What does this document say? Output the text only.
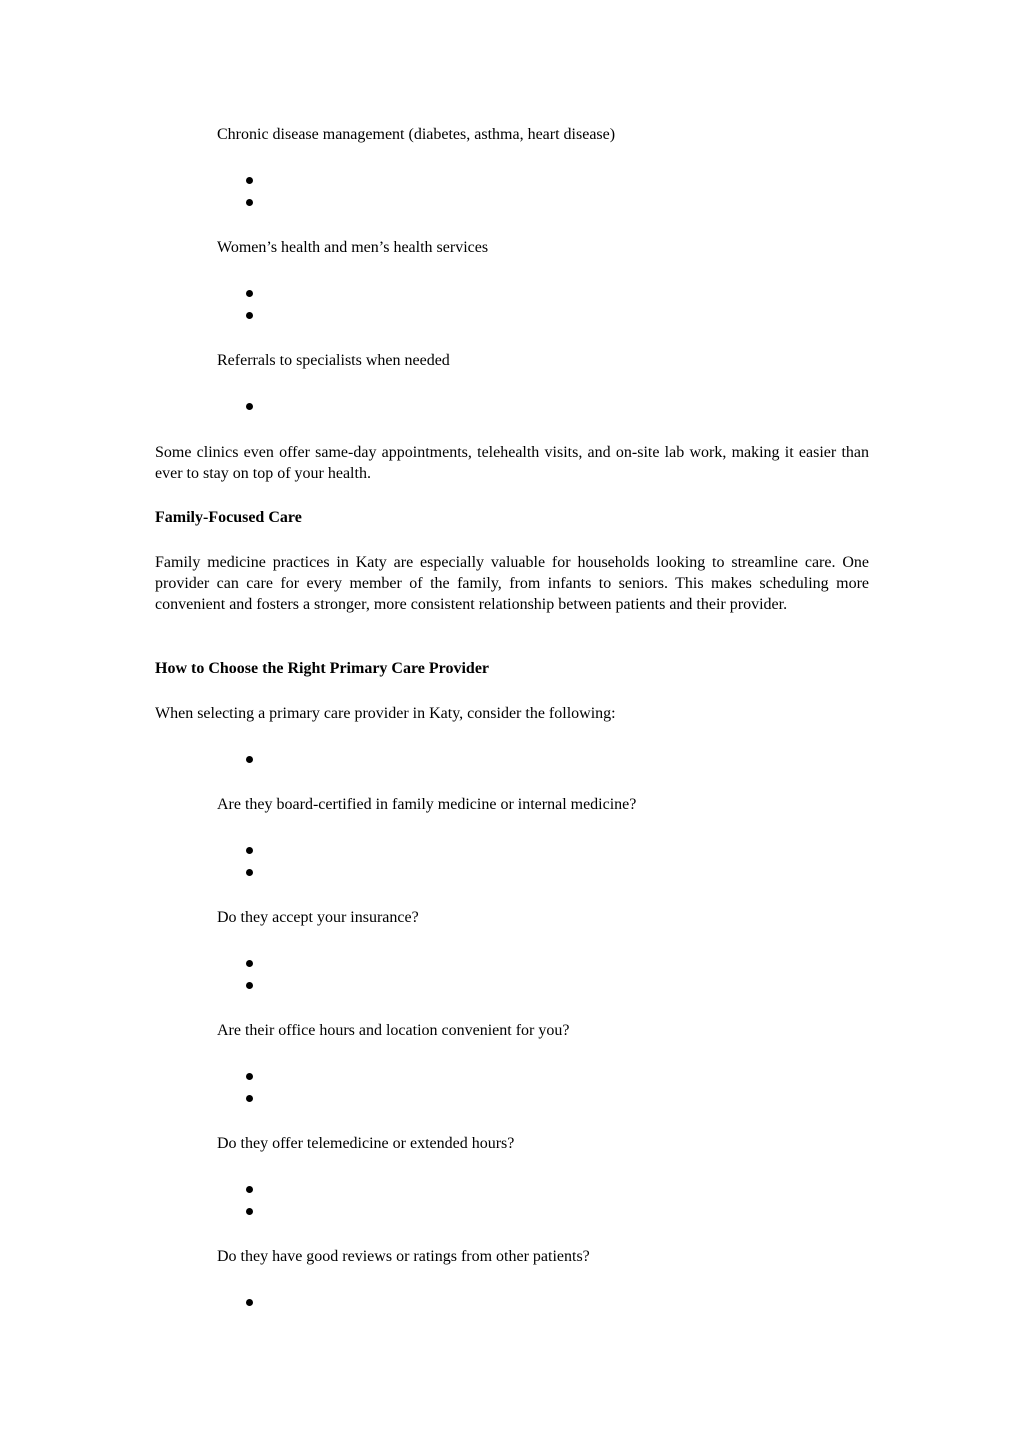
Chronic disease management (diabetes, asthma, heart disease)
Women’s health and men’s health services
Referrals to specialists when needed
Some clinics even offer same-day appointments, telehealth visits, and on-site lab work, making it easier than ever to stay on top of your health.
Family-Focused Care
Family medicine practices in Katy are especially valuable for households looking to streamline care. One provider can care for every member of the family, from infants to seniors. This makes scheduling more convenient and fosters a stronger, more consistent relationship between patients and their provider.
How to Choose the Right Primary Care Provider
When selecting a primary care provider in Katy, consider the following:
Are they board-certified in family medicine or internal medicine?
Do they accept your insurance?
Are their office hours and location convenient for you?
Do they offer telemedicine or extended hours?
Do they have good reviews or ratings from other patients?
